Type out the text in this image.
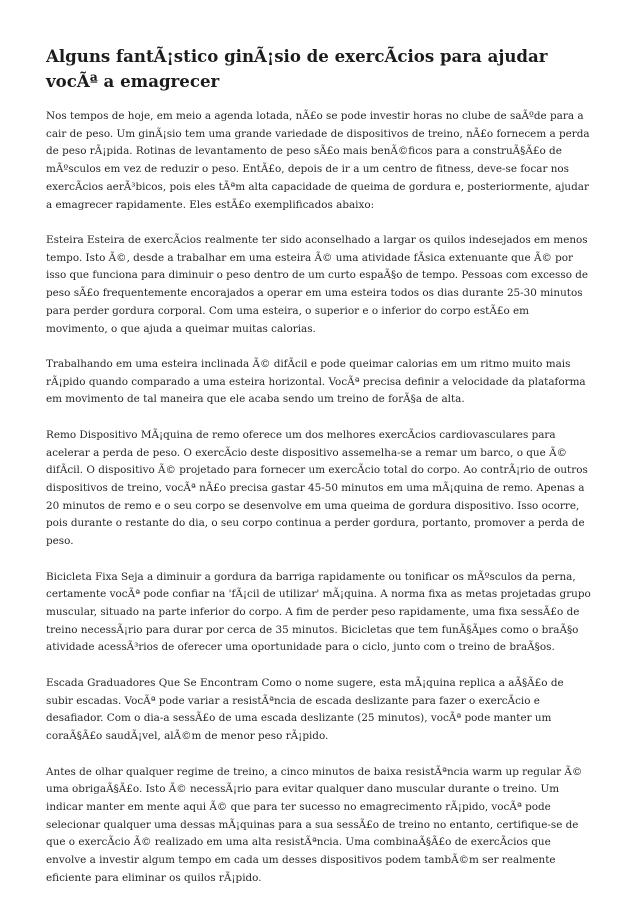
Alguns fantÃ¡stico ginÃ¡sio de exercÃcios para ajudar vocÃª a emagrecer

Nos tempos de hoje, em meio a agenda lotada, nÃ£o se pode investir horas no clube de saÃºde para a cair de peso. Um ginÃ¡sio tem uma grande variedade de dispositivos de treino, nÃ£o fornecem a perda de peso rÃ¡pida. Rotinas de levantamento de peso sÃ£o mais benÃ©ficos para a construÃ§Ã£o de mÃºsculos em vez de reduzir o peso. EntÃ£o, depois de ir a um centro de fitness, deve-se focar nos exercÃcios aerÃ³bicos, pois eles tÃªm alta capacidade de queima de gordura e, posteriormente, ajudar a emagrecer rapidamente. Eles estÃ£o exemplificados abaixo:

Esteira Esteira de exercÃcios realmente ter sido aconselhado a largar os quilos indesejados em menos tempo. Isto Ã©, desde a trabalhar em uma esteira Ã© uma atividade fÃsica extenuante que Ã© por isso que funciona para diminuir o peso dentro de um curto espaÃ§o de tempo. Pessoas com excesso de peso sÃ£o frequentemente encorajados a operar em uma esteira todos os dias durante 25-30 minutos para perder gordura corporal. Com uma esteira, o superior e o inferior do corpo estÃ£o em movimento, o que ajuda a queimar muitas calorias.

Trabalhando em uma esteira inclinada Ã© difÃcil e pode queimar calorias em um ritmo muito mais rÃ¡pido quando comparado a uma esteira horizontal. VocÃª precisa definir a velocidade da plataforma em movimento de tal maneira que ele acaba sendo um treino de forÃ§a de alta.

Remo Dispositivo MÃ¡quina de remo oferece um dos melhores exercÃcios cardiovasculares para acelerar a perda de peso. O exercÃcio deste dispositivo assemelha-se a remar um barco, o que Ã© difÃcil. O dispositivo Ã© projetado para fornecer um exercÃcio total do corpo. Ao contrÃ¡rio de outros dispositivos de treino, vocÃª nÃ£o precisa gastar 45-50 minutos em uma mÃ¡quina de remo. Apenas a 20 minutos de remo e o seu corpo se desenvolve em uma queima de gordura dispositivo. Isso ocorre, pois durante o restante do dia, o seu corpo continua a perder gordura, portanto, promover a perda de peso.

Bicicleta Fixa Seja a diminuir a gordura da barriga rapidamente ou tonificar os mÃºsculos da perna, certamente vocÃª pode confiar na 'fÃ¡cil de utilizar' mÃ¡quina. A norma fixa as metas projetadas grupo muscular, situado na parte inferior do corpo. A fim de perder peso rapidamente, uma fixa sessÃ£o de treino necessÃ¡rio para durar por cerca de 35 minutos. Bicicletas que tem funÃ§Ãµes como o braÃ§o atividade acessÃ³rios de oferecer uma oportunidade para o ciclo, junto com o treino de braÃ§os.

Escada Graduadores Que Se Encontram Como o nome sugere, esta mÃ¡quina replica a aÃ§Ã£o de subir escadas. VocÃª pode variar a resistÃªncia de escada deslizante para fazer o exercÃcio e desafiador. Com o dia-a sessÃ£o de uma escada deslizante (25 minutos), vocÃª pode manter um coraÃ§Ã£o saudÃ¡vel, alÃ©m de menor peso rÃ¡pido.

Antes de olhar qualquer regime de treino, a cinco minutos de baixa resistÃªncia warm up regular Ã© uma obrigaÃ§Ã£o. Isto Ã© necessÃ¡rio para evitar qualquer dano muscular durante o treino. Um indicar manter em mente aqui Ã© que para ter sucesso no emagrecimento rÃ¡pido, vocÃª pode selecionar qualquer uma dessas mÃ¡quinas para a sua sessÃ£o de treino no entanto, certifique-se de que o exercÃcio Ã© realizado em uma alta resistÃªncia. Uma combinaÃ§Ã£o de exercÃcios que envolve a investir algum tempo em cada um desses dispositivos podem tambÃ©m ser realmente eficiente para eliminar os quilos rÃ¡pido.
